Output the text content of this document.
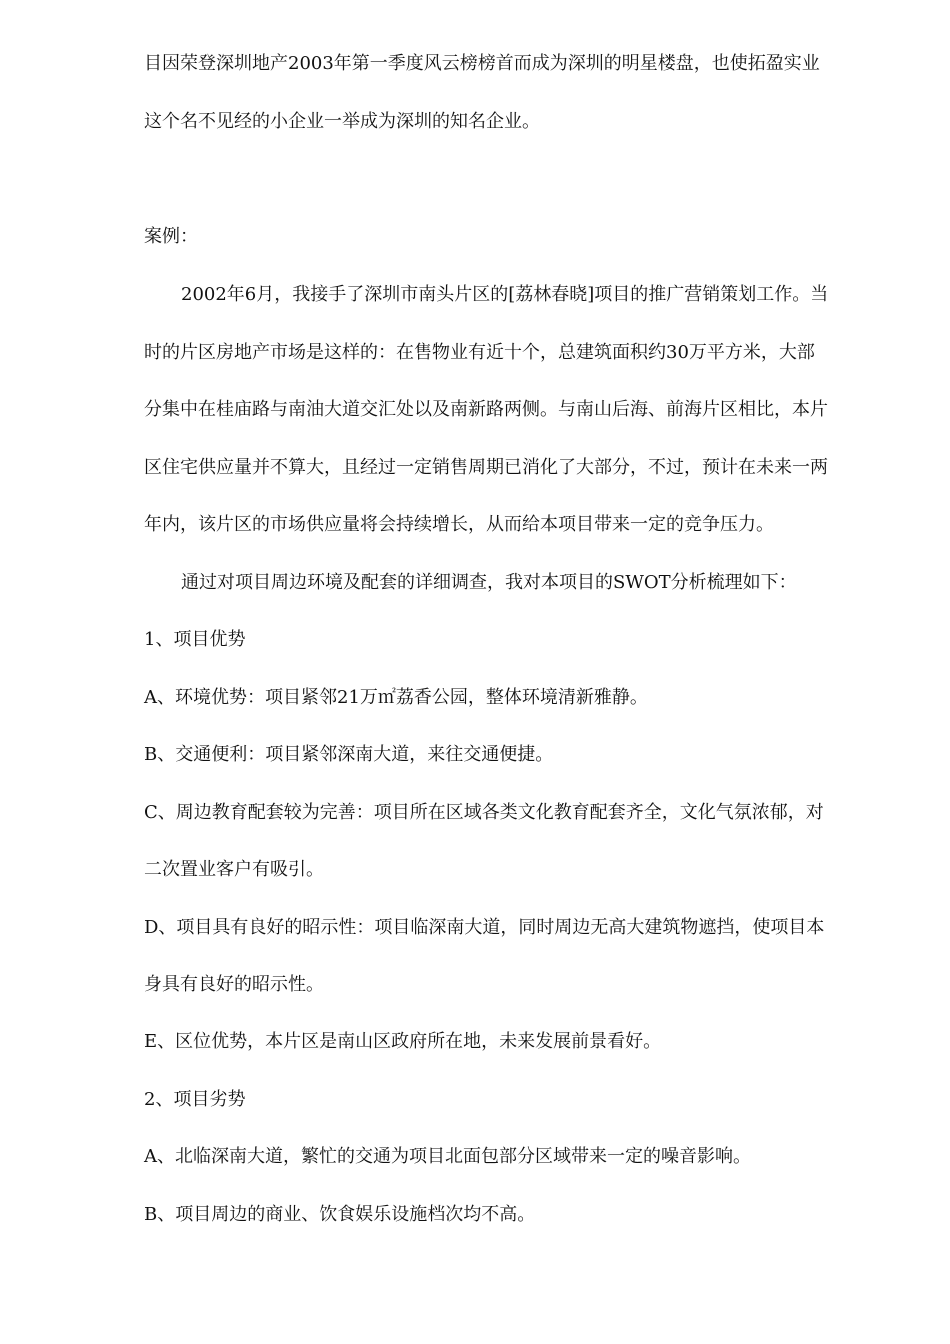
目因荣登深圳地产2003年第一季度风云榜榜首而成为深圳的明星楼盘，也使拓盈实业
这个名不见经的小企业一举成为深圳的知名企业。
案例：
2002年6月，我接手了深圳市南头片区的[荔林春晓]项目的推广营销策划工作。当
时的片区房地产市场是这样的：在售物业有近十个，总建筑面积约30万平方米，大部
分集中在桂庙路与南油大道交汇处以及南新路两侧。与南山后海、前海片区相比，本片
区住宅供应量并不算大，且经过一定销售周期已消化了大部分，不过，预计在未来一两
年内，该片区的市场供应量将会持续增长，从而给本项目带来一定的竞争压力。
通过对项目周边环境及配套的详细调查，我对本项目的SWOT分析梳理如下：
1、项目优势
A、环境优势：项目紧邻21万㎡荔香公园，整体环境清新雅静。
B、交通便利：项目紧邻深南大道，来往交通便捷。
C、周边教育配套较为完善：项目所在区域各类文化教育配套齐全，文化气氛浓郁，对
二次置业客户有吸引。
D、项目具有良好的昭示性：项目临深南大道，同时周边无高大建筑物遮挡，使项目本
身具有良好的昭示性。
E、区位优势，本片区是南山区政府所在地，未来发展前景看好。
2、项目劣势
A、北临深南大道，繁忙的交通为项目北面包部分区域带来一定的噪音影响。
B、项目周边的商业、饮食娱乐设施档次均不高。
